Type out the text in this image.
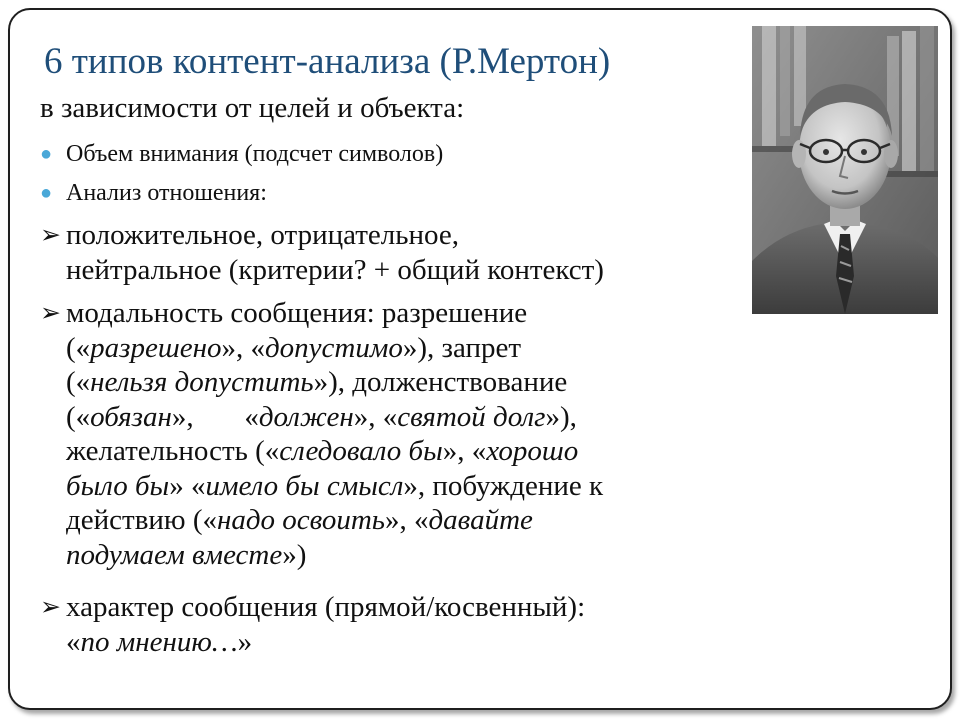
6 типов контент-анализа (Р.Мертон)
в зависимости от целей и объекта:
● Объем внимания (подсчет символов)
● Анализ отношения:
➢ положительное, отрицательное,
нейтральное (критерии? + общий контекст)
➢ модальность сообщения: разрешение
(«разрешено», «допустимо»), запрет
(«нельзя допустить»), долженствование
(«обязан»,       «должен», «святой долг»),
желательность («следовало бы», «хорошо
было бы» «имело бы смысл», побуждение к
действию («надо освоить», «давайте
подумаем вместе»)
➢ характер сообщения (прямой/косвенный):
«по мнению…»
